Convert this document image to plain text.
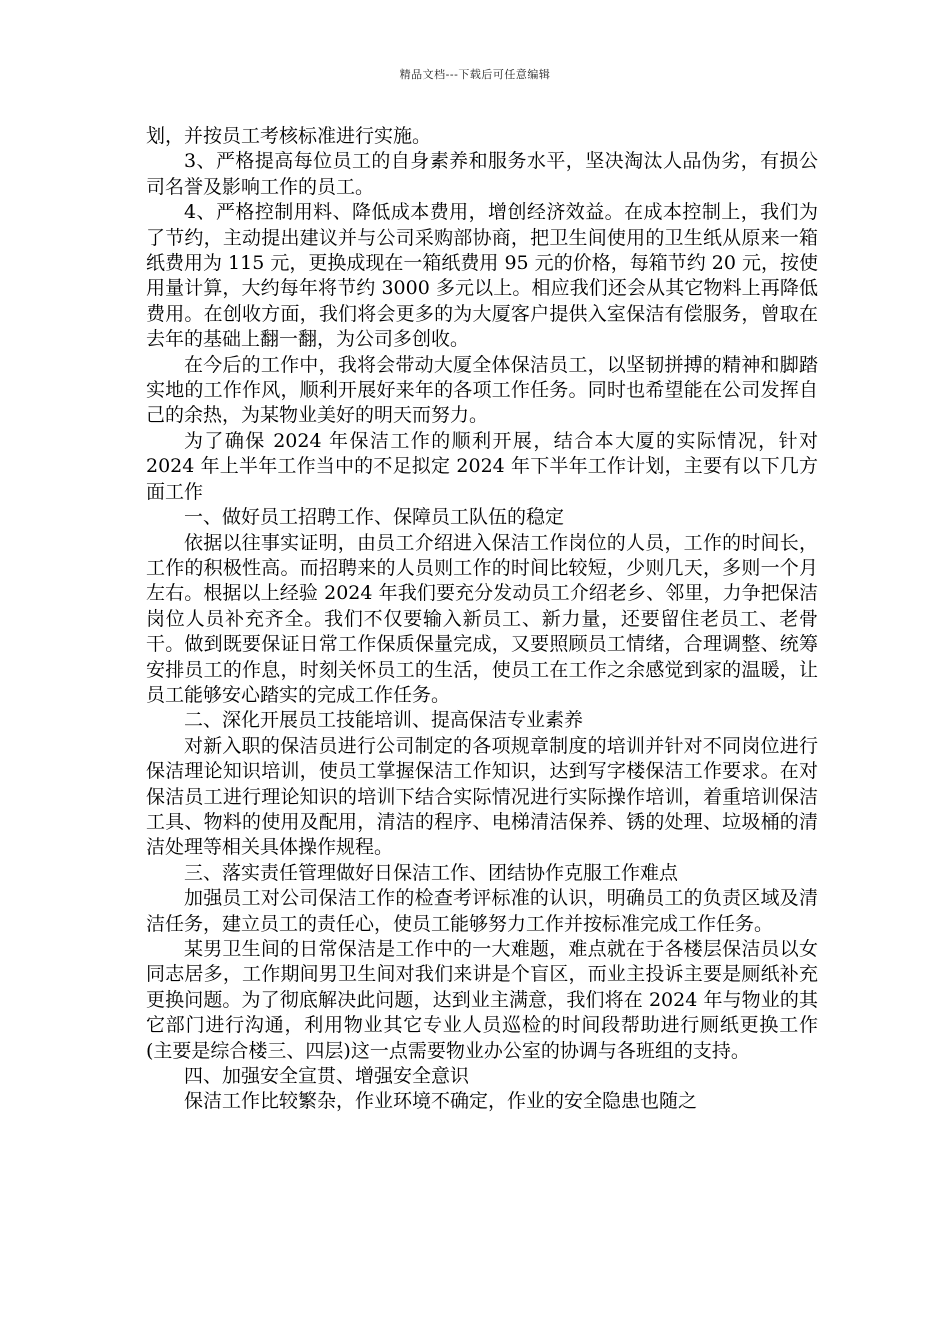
精品文档---下载后可任意编辑

划，并按员工考核标准进行实施。

3、严格提高每位员工的自身素养和服务水平，坚决淘汰人品伪劣，有损公司名誉及影响工作的员工。

4、严格控制用料、降低成本费用，增创经济效益。在成本控制上，我们为了节约，主动提出建议并与公司采购部协商，把卫生间使用的卫生纸从原来一箱纸费用为 115 元，更换成现在一箱纸费用 95 元的价格，每箱节约 20 元，按使用量计算，大约每年将节约 3000 多元以上。相应我们还会从其它物料上再降低费用。在创收方面，我们将会更多的为大厦客户提供入室保洁有偿服务，曾取在去年的基础上翻一翻，为公司多创收。

在今后的工作中，我将会带动大厦全体保洁员工，以坚韧拼搏的精神和脚踏实地的工作作风，顺利开展好来年的各项工作任务。同时也希望能在公司发挥自己的余热，为某物业美好的明天而努力。

为了确保 2024 年保洁工作的顺利开展，结合本大厦的实际情况，针对 2024 年上半年工作当中的不足拟定 2024 年下半年工作计划，主要有以下几方面工作

一、做好员工招聘工作、保障员工队伍的稳定

依据以往事实证明，由员工介绍进入保洁工作岗位的人员，工作的时间长，工作的积极性高。而招聘来的人员则工作的时间比较短，少则几天，多则一个月左右。根据以上经验 2024 年我们要充分发动员工介绍老乡、邻里，力争把保洁岗位人员补充齐全。我们不仅要输入新员工、新力量，还要留住老员工、老骨干。做到既要保证日常工作保质保量完成，又要照顾员工情绪，合理调整、统筹安排员工的作息，时刻关怀员工的生活，使员工在工作之余感觉到家的温暖，让员工能够安心踏实的完成工作任务。

二、深化开展员工技能培训、提高保洁专业素养

对新入职的保洁员进行公司制定的各项规章制度的培训并针对不同岗位进行保洁理论知识培训，使员工掌握保洁工作知识，达到写字楼保洁工作要求。在对保洁员工进行理论知识的培训下结合实际情况进行实际操作培训，着重培训保洁工具、物料的使用及配用，清洁的程序、电梯清洁保养、锈的处理、垃圾桶的清洁处理等相关具体操作规程。

三、落实责任管理做好日保洁工作、团结协作克服工作难点

加强员工对公司保洁工作的检查考评标准的认识，明确员工的负责区域及清洁任务，建立员工的责任心，使员工能够努力工作并按标准完成工作任务。

某男卫生间的日常保洁是工作中的一大难题，难点就在于各楼层保洁员以女同志居多，工作期间男卫生间对我们来讲是个盲区，而业主投诉主要是厕纸补充更换问题。为了彻底解决此问题，达到业主满意，我们将在 2024 年与物业的其它部门进行沟通，利用物业其它专业人员巡检的时间段帮助进行厕纸更换工作(主要是综合楼三、四层)这一点需要物业办公室的协调与各班组的支持。

四、加强安全宣贯、增强安全意识

保洁工作比较繁杂，作业环境不确定，作业的安全隐患也随之
